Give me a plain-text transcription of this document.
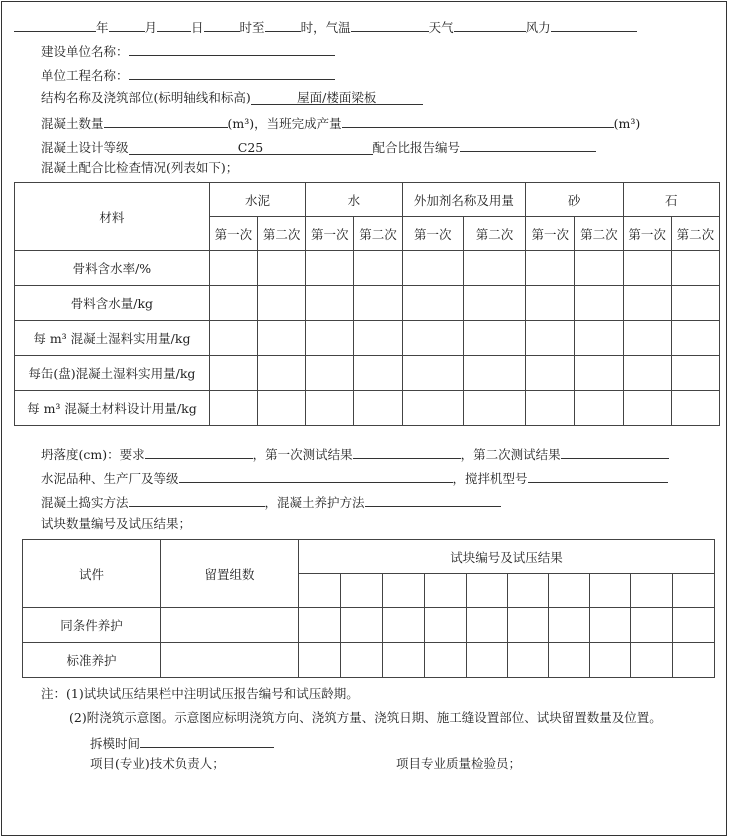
年	月	日	时至	时，气温	天气	风力
建设单位名称：
单位工程名称：
结构名称及浇筑部位(标明轴线和标高)	屋面/楼面梁板
混凝土数量	(m³)，当班完成产量	(m³)
混凝土设计等级	C25	配合比报告编号
混凝土配合比检查情况(列表如下)；
材料	水泥		水		外加剂名称及用量		砂		石	
	第一次	第二次	第一次	第二次	第一次	第二次	第一次	第二次	第一次	第二次
骨料含水率/%										
骨料含水量/kg										
每 m³ 混凝土湿料实用量/kg										
每缶(盘)混凝土湿料实用量/kg										
每 m³ 混凝土材料设计用量/kg										
坍落度(cm)：要求	，第一次测试结果	，第二次测试结果
水泥品种、生产厂及等级	，搅拌机型号
混凝土捣实方法	，混凝土养护方法
试块数量编号及试压结果；
试件	留置组数	试块编号及试压结果									

同条件养护											
标准养护											
注：(1)试块试压结果栏中注明试压报告编号和试压龄期。
(2)附浇筑示意图。示意图应标明浇筑方向、浇筑方量、浇筑日期、施工缝设置部位、试块留置数量及位置。
拆模时间
项目(专业)技术负责人；	项目专业质量检验员；
